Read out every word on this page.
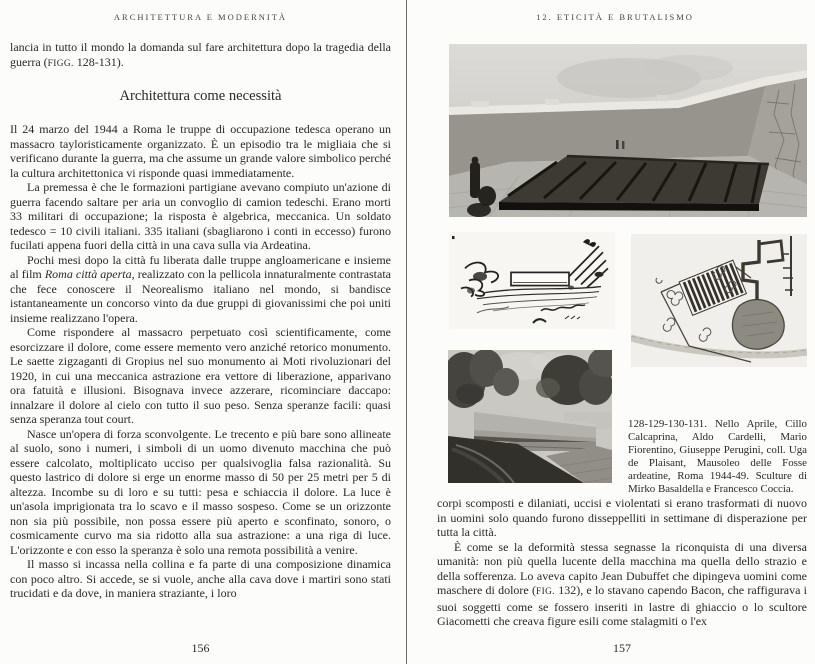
ARCHITETTURA E MODERNITÀ

lancia in tutto il mondo la domanda sul fare architettura dopo la tragedia della guerra (FIGG. 128-131).

Architettura come necessità

Il 24 marzo del 1944 a Roma le truppe di occupazione tedesca operano un massacro tayloristicamente organizzato. È un episodio tra le migliaia che si verificano durante la guerra, ma che assume un grande valore simbolico perché la cultura architettonica vi risponde quasi immediatamente.

La premessa è che le formazioni partigiane avevano compiuto un'azione di guerra facendo saltare per aria un convoglio di camion tedeschi. Erano morti 33 militari di occupazione; la risposta è algebrica, meccanica. Un soldato tedesco = 10 civili italiani. 335 italiani (sbagliarono i conti in eccesso) furono fucilati appena fuori della città in una cava sulla via Ardeatina.

Pochi mesi dopo la città fu liberata dalle truppe angloamericane e insieme al film Roma città aperta, realizzato con la pellicola innaturalmente contrastata che fece conoscere il Neorealismo italiano nel mondo, si bandisce istantaneamente un concorso vinto da due gruppi di giovanissimi che poi uniti insieme realizzano l'opera.

Come rispondere al massacro perpetuato così scientificamente, come esorcizzare il dolore, come essere memento vero anziché retorico monumento. Le saette zigzaganti di Gropius nel suo monumento ai Moti rivoluzionari del 1920, in cui una meccanica astrazione era vettore di liberazione, apparivano ora fatuità e illusioni. Bisognava invece azzerare, ricominciare daccapo: innalzare il dolore al cielo con tutto il suo peso. Senza speranze facili: quasi senza speranza tout court.

Nasce un'opera di forza sconvolgente. Le trecento e più bare sono allineate al suolo, sono i numeri, i simboli di un uomo divenuto macchina che può essere calcolato, moltiplicato ucciso per qualsivoglia falsa razionalità. Su questo lastrico di dolore si erge un enorme masso di 50 per 25 metri per 5 di altezza. Incombe su di loro e su tutti: pesa e schiaccia il dolore. La luce è un'asola imprigionata tra lo scavo e il masso sospeso. Come se un orizzonte non sia più possibile, non possa essere più aperto e sconfinato, sonoro, o cosmicamente curvo ma sia ridotto alla sua astrazione: a una riga di luce. L'orizzonte e con esso la speranza è solo una remota possibilità a venire.

Il masso si incassa nella collina e fa parte di una composizione dinamica con poco altro. Si accede, se si vuole, anche alla cava dove i martiri sono stati trucidati e da dove, in maniera straziante, i loro

156
12. ETICITÀ E BRUTALISMO
128-129-130-131. Nello Aprile, Cillo Calcaprina, Aldo Cardelli, Mario Fiorentino, Giuseppe Perugini, coll. Uga de Plaisant, Mausoleo delle Fosse ardeatine, Roma 1944-49. Sculture di Mirko Basaldella e Francesco Coccia.

corpi scomposti e dilaniati, uccisi e violentati si erano trasformati di nuovo in uomini solo quando furono disseppelliti in settimane di disperazione per tutta la città.

È come se la deformità stessa segnasse la riconquista di una diversa umanità: non più quella lucente della macchina ma quella dello strazio e della sofferenza. Lo aveva capito Jean Dubuffet che dipingeva uomini come maschere di dolore (FIG. 132), e lo stavano capendo Bacon, che raffigurava i suoi soggetti come se fossero inseriti in lastre di ghiaccio o lo scultore Giacometti che creava figure esili come stalagmiti o l'ex

157
